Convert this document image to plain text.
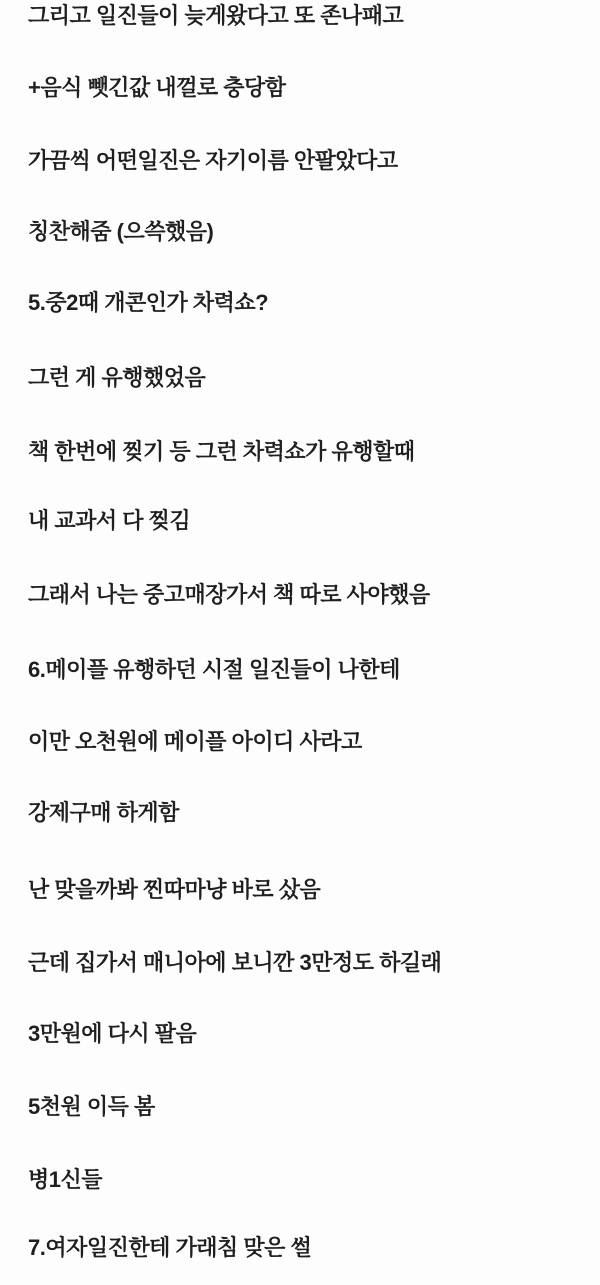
그리고 일진들이 늦게왔다고 또 존나패고
+음식 뺏긴값 내껄로 충당함
가끔씩 어떤일진은 자기이름 안팔았다고
칭찬해줌 (으쓱했음)
5.중2때 개콘인가 차력쇼?
그런 게 유행했었음
책 한번에 찢기 등 그런 차력쇼가 유행할때
내 교과서 다 찢김
그래서 나는 중고매장가서 책 따로 사야했음
6.메이플 유행하던 시절 일진들이 나한테
이만 오천원에 메이플 아이디 사라고
강제구매 하게함
난 맞을까봐 찐따마냥 바로 샀음
근데 집가서 매니아에 보니깐 3만정도 하길래
3만원에 다시 팔음
5천원 이득 봄
병1신들
7.여자일진한테 가래침 맞은 썰
